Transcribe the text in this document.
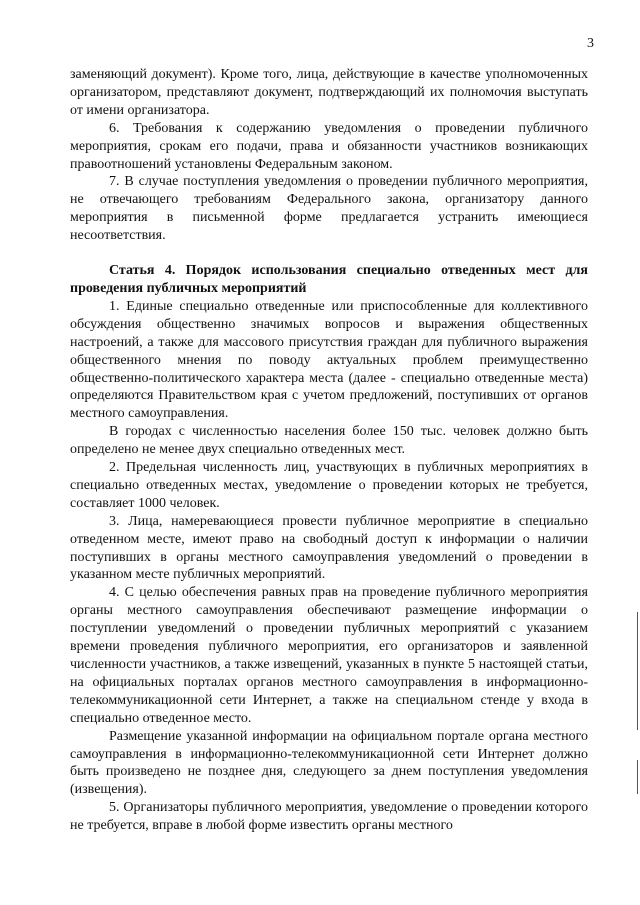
3

заменяющий документ). Кроме того, лица, действующие в качестве уполномоченных организатором, представляют документ, подтверждающий их полномочия выступать от имени организатора.

6. Требования к содержанию уведомления о проведении публичного мероприятия, срокам его подачи, права и обязанности участников возникающих правоотношений установлены Федеральным законом.

7. В случае поступления уведомления о проведении публичного мероприятия, не отвечающего требованиям Федерального закона, организатору данного мероприятия в письменной форме предлагается устранить имеющиеся несоответствия.

Статья 4. Порядок использования специально отведенных мест для проведения публичных мероприятий

1. Единые специально отведенные или приспособленные для коллективного обсуждения общественно значимых вопросов и выражения общественных настроений, а также для массового присутствия граждан для публичного выражения общественного мнения по поводу актуальных проблем преимущественно общественно-политического характера места (далее - специально отведенные места) определяются Правительством края с учетом предложений, поступивших от органов местного самоуправления.

В городах с численностью населения более 150 тыс. человек должно быть определено не менее двух специально отведенных мест.

2. Предельная численность лиц, участвующих в публичных мероприятиях в специально отведенных местах, уведомление о проведении которых не требуется, составляет 1000 человек.

3. Лица, намеревающиеся провести публичное мероприятие в специально отведенном месте, имеют право на свободный доступ к информации о наличии поступивших в органы местного самоуправления уведомлений о проведении в указанном месте публичных мероприятий.

4. С целью обеспечения равных прав на проведение публичного мероприятия органы местного самоуправления обеспечивают размещение информации о поступлении уведомлений о проведении публичных мероприятий с указанием времени проведения публичного мероприятия, его организаторов и заявленной численности участников, а также извещений, указанных в пункте 5 настоящей статьи, на официальных порталах органов местного самоуправления в информационно-телекоммуникационной сети Интернет, а также на специальном стенде у входа в специально отведенное место.

Размещение указанной информации на официальном портале органа местного самоуправления в информационно-телекоммуникационной сети Интернет должно быть произведено не позднее дня, следующего за днем поступления уведомления (извещения).

5. Организаторы публичного мероприятия, уведомление о проведении которого не требуется, вправе в любой форме известить органы местного
